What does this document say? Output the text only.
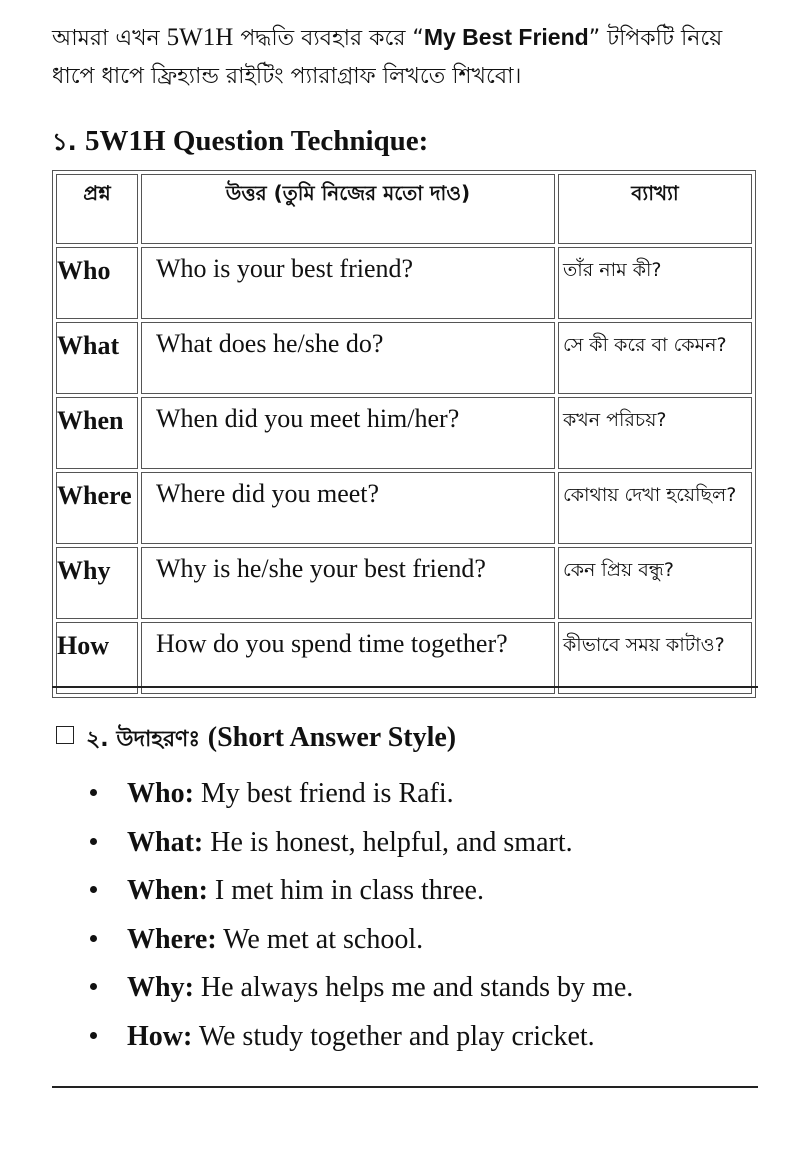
আমরা এখন 5W1H পদ্ধতি ব্যবহার করে “My Best Friend” টপিকটি নিয়ে ধাপে ধাপে ফ্রিহ্যান্ড রাইটিং প্যারাগ্রাফ লিখতে শিখবো।

১. 5W1H Question Technique:
প্রশ্ন	উত্তর (তুমি নিজের মতো দাও)	ব্যাখ্যা
Who	Who is your best friend?	তাঁর নাম কী?
What	What does he/she do?	সে কী করে বা কেমন?
When	When did you meet him/her?	কখন পরিচয়?
Where	Where did you meet?	কোথায় দেখা হয়েছিল?
Why	Why is he/she your best friend?	কেন প্রিয় বন্ধু?
How	How do you spend time together?	কীভাবে সময় কাটাও?
২. উদাহরণঃ (Short Answer Style)
Who: My best friend is Rafi.
What: He is honest, helpful, and smart.
When: I met him in class three.
Where: We met at school.
Why: He always helps me and stands by me.
How: We study together and play cricket.
